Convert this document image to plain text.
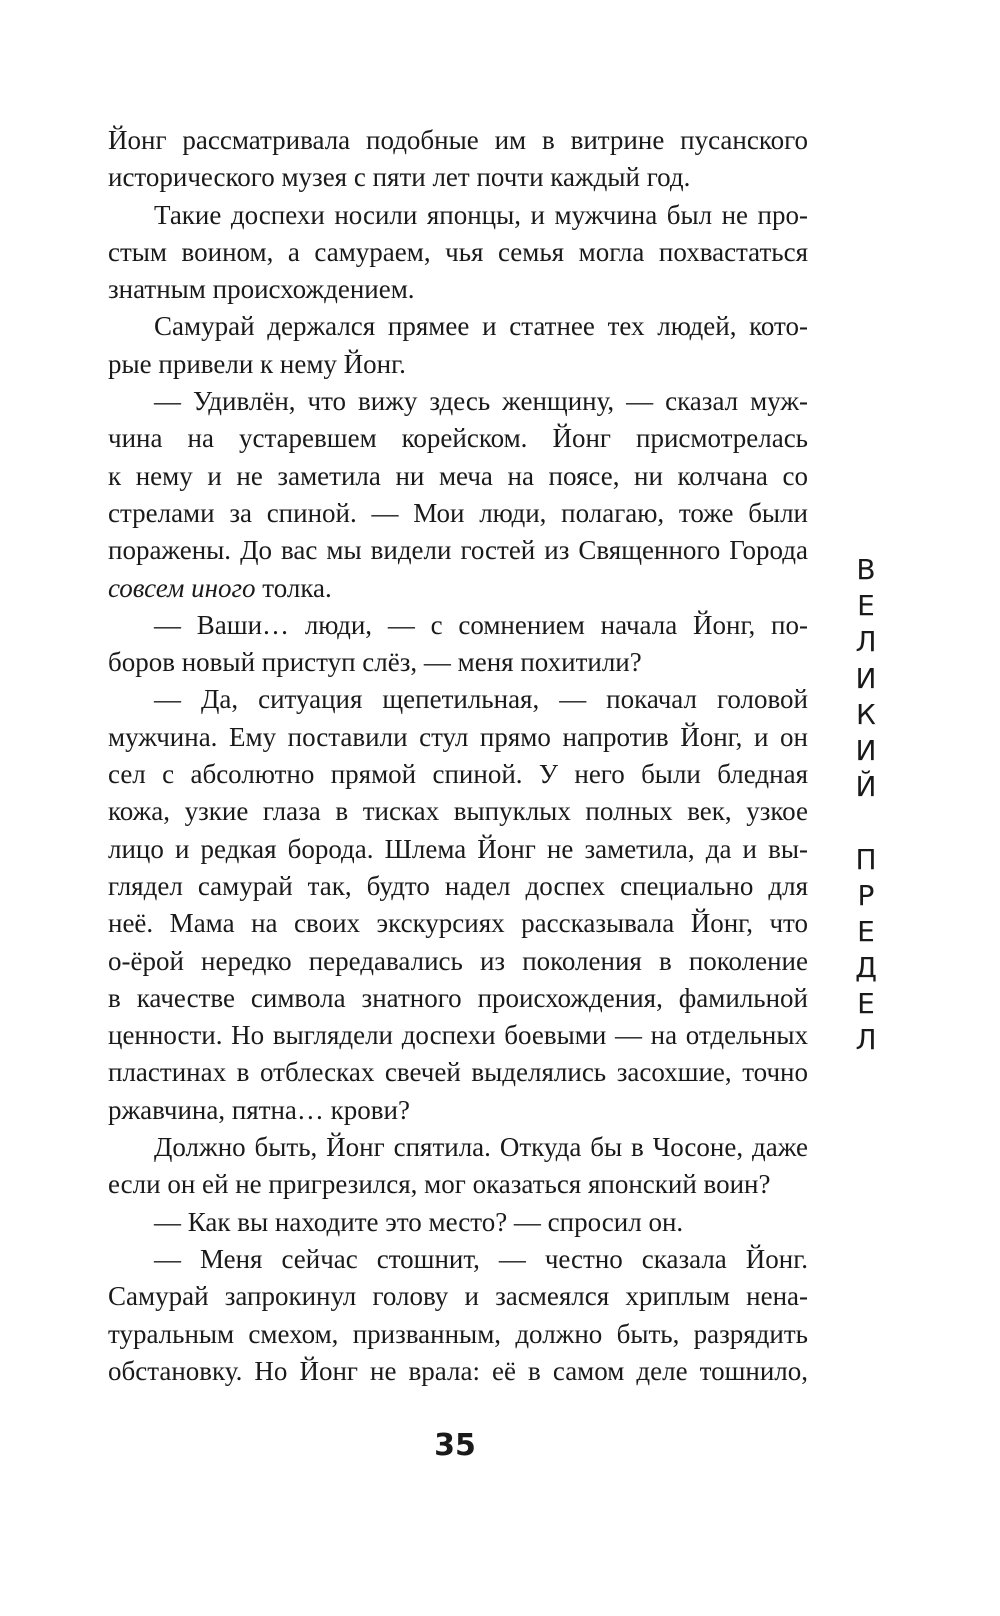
Йонг рассматривала подобные им в витрине пусанского
исторического музея с пяти лет почти каждый год.
Такие доспехи носили японцы, и мужчина был не про-
стым воином, а самураем, чья семья могла похвастаться
знатным происхождением.
Самурай держался прямее и статнее тех людей, кото-
рые привели к нему Йонг.
— Удивлён, что вижу здесь женщину, — сказал муж-
чина на устаревшем корейском. Йонг присмотрелась
к нему и не заметила ни меча на поясе, ни колчана со
стрелами за спиной. — Мои люди, полагаю, тоже были
поражены. До вас мы видели гостей из Священного Города
совсем иного толка.
— Ваши… люди, — с сомнением начала Йонг, по-
боров новый приступ слёз, — меня похитили?
— Да, ситуация щепетильная, — покачал головой
мужчина. Ему поставили стул прямо напротив Йонг, и он
сел с абсолютно прямой спиной. У него были бледная
кожа, узкие глаза в тисках выпуклых полных век, узкое
лицо и редкая борода. Шлема Йонг не заметила, да и вы-
глядел самурай так, будто надел доспех специально для
неё. Мама на своих экскурсиях рассказывала Йонг, что
о-ёрой нередко передавались из поколения в поколение
в качестве символа знатного происхождения, фамильной
ценности. Но выглядели доспехи боевыми — на отдельных
пластинах в отблесках свечей выделялись засохшие, точно
ржавчина, пятна… крови?
Должно быть, Йонг спятила. Откуда бы в Чосоне, даже
если он ей не пригрезился, мог оказаться японский воин?
— Как вы находите это место? — спросил он.
— Меня сейчас стошнит, — честно сказала Йонг.
Самурай запрокинул голову и засмеялся хриплым нена-
туральным смехом, призванным, должно быть, разрядить
обстановку. Но Йонг не врала: её в самом деле тошнило,
В
Е
Л
И
К
И
Й
П
Р
Е
Д
Е
Л
35
